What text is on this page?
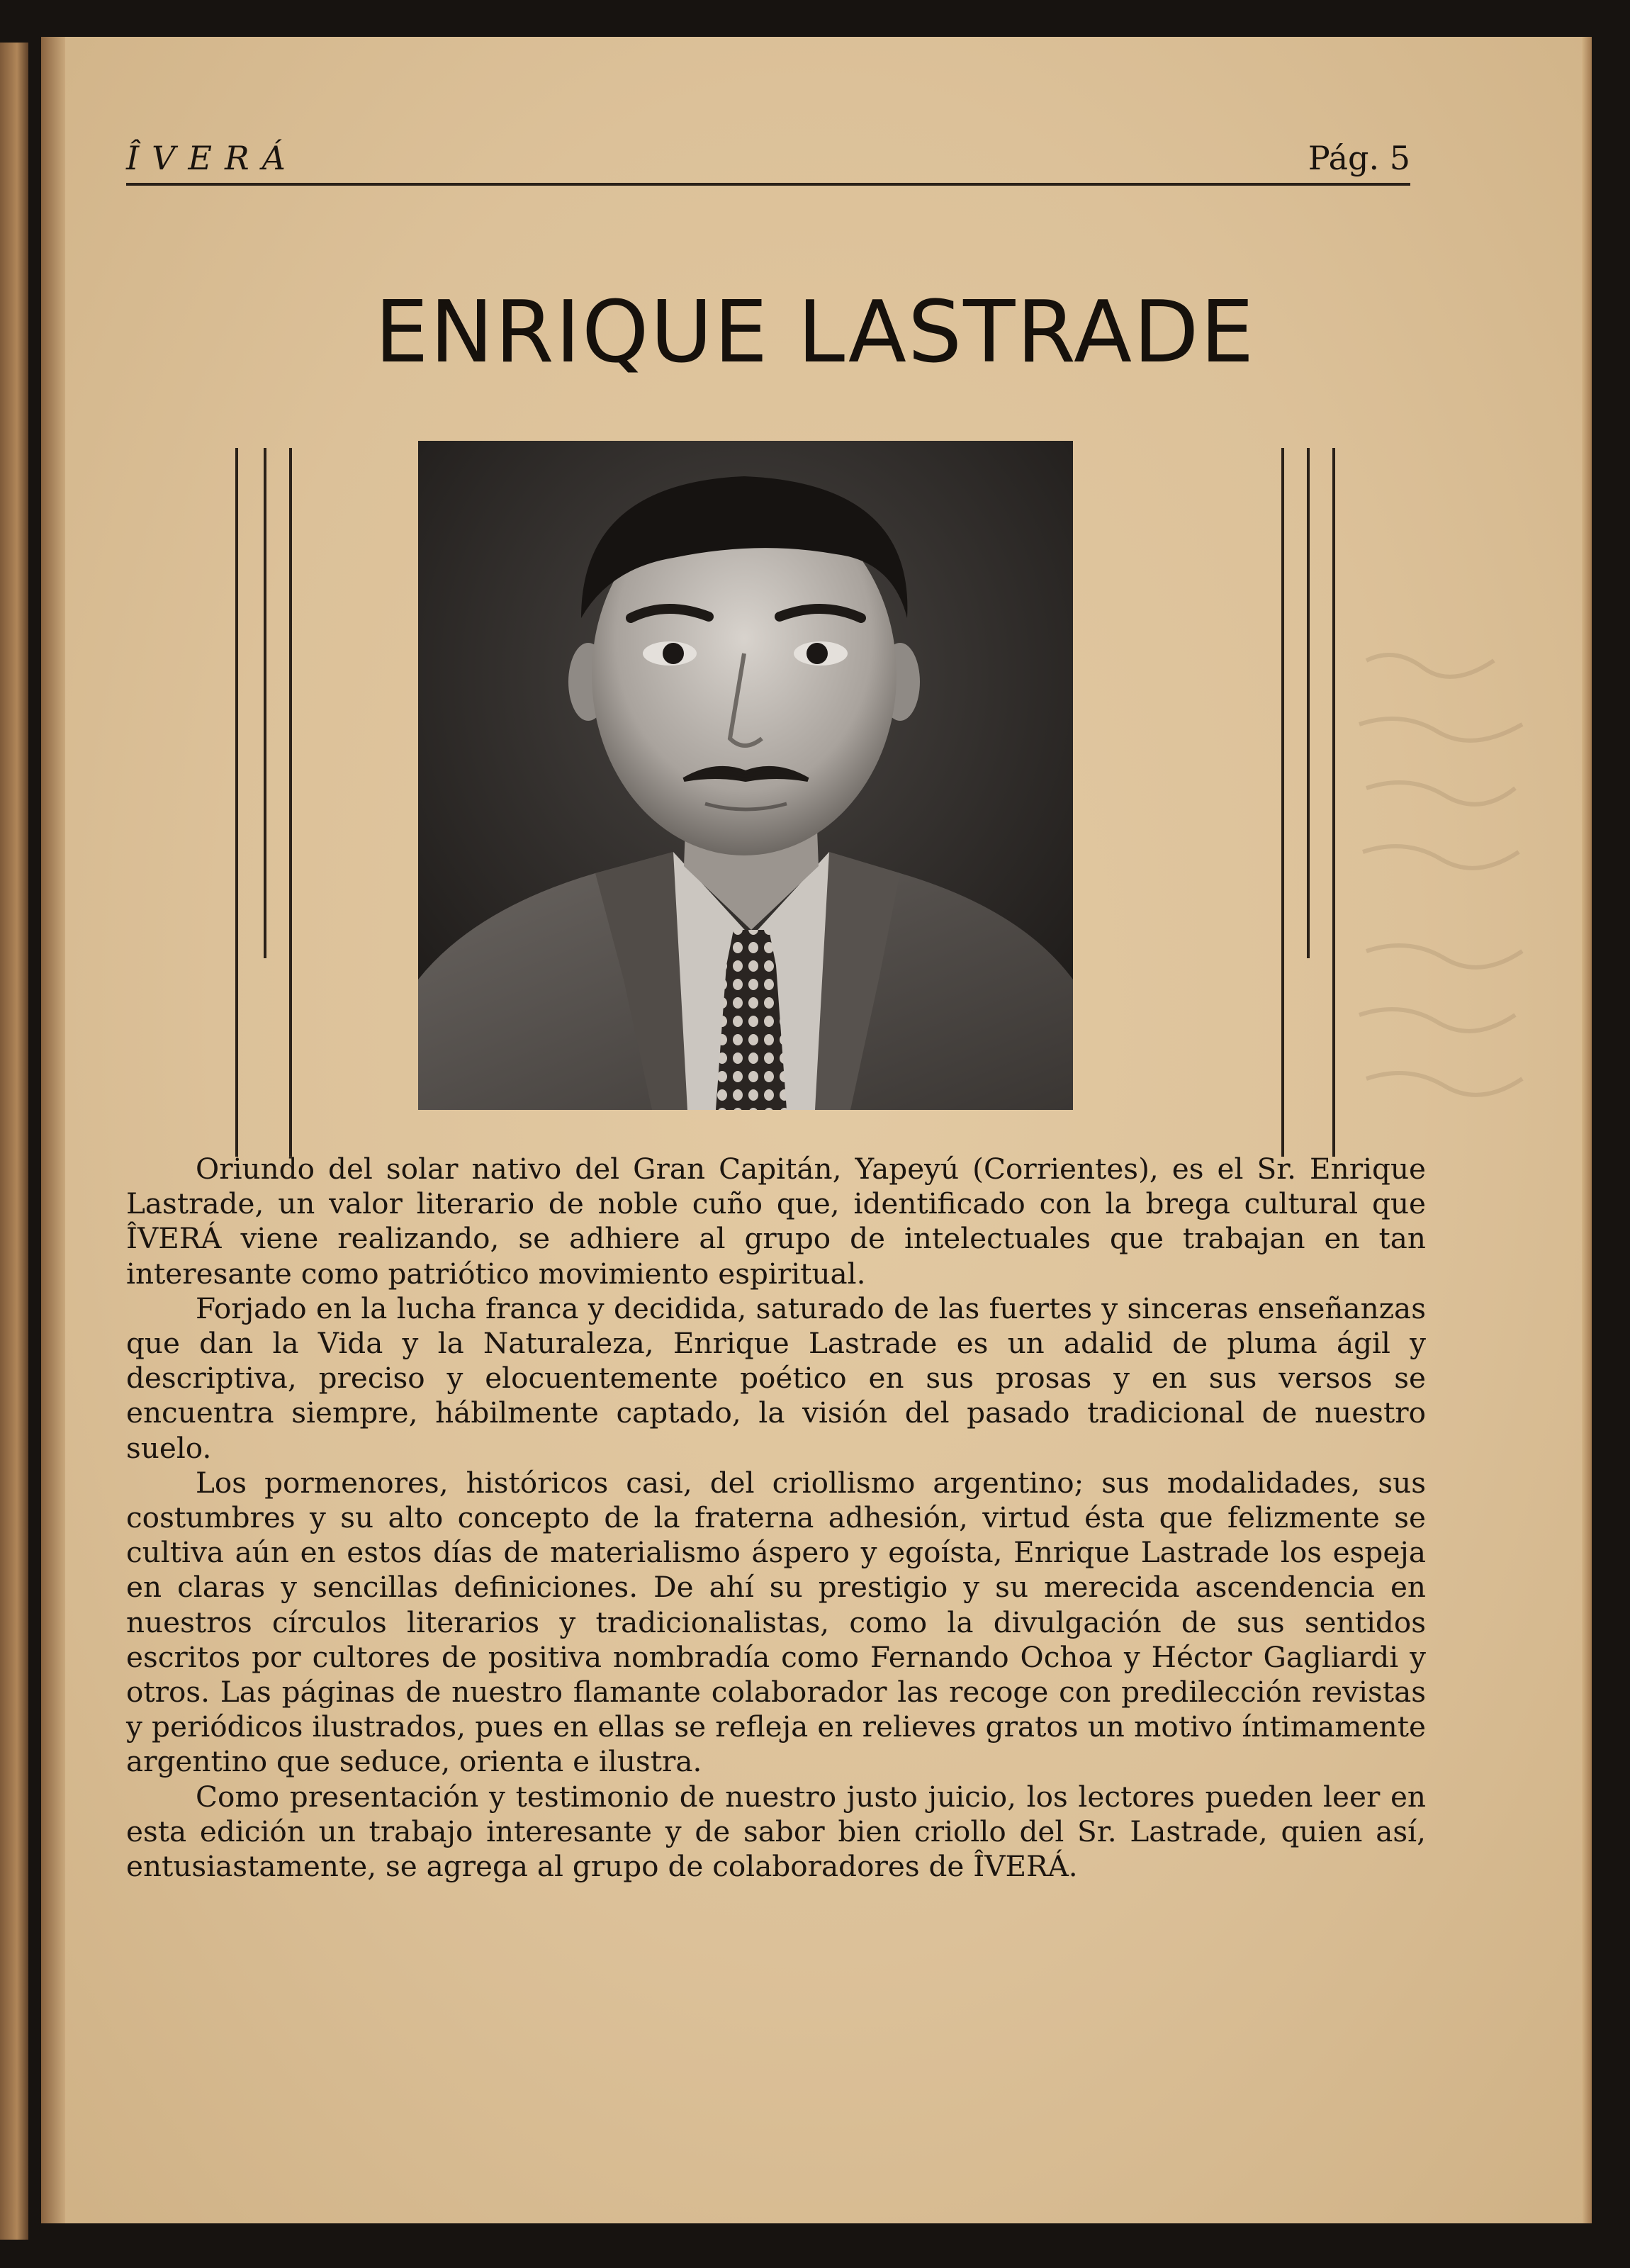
ÎVERÁ	Pág. 5
ENRIQUE LASTRADE

Oriundo del solar nativo del Gran Capitán, Yapeyú (Corrientes), es el Sr. Enrique Lastrade, un valor literario de noble cuño que, identificado con la brega cultural que ÎVERÁ viene realizando, se adhiere al grupo de intelectuales que trabajan en tan interesante como patriótico movimiento espiritual.

Forjado en la lucha franca y decidida, saturado de las fuertes y sinceras enseñanzas que dan la Vida y la Naturaleza, Enrique Lastrade es un adalid de pluma ágil y descriptiva, preciso y elocuentemente poético en sus prosas y en sus versos se encuentra siempre, hábilmente captado, la visión del pasado tradicional de nuestro suelo.

Los pormenores, históricos casi, del criollismo argentino; sus modalidades, sus costumbres y su alto concepto de la fraterna adhesión, virtud ésta que felizmente se cultiva aún en estos días de materialismo áspero y egoísta, Enrique Lastrade los espeja en claras y sencillas definiciones. De ahí su prestigio y su merecida ascendencia en nuestros círculos literarios y tradicionalistas, como la divulgación de sus sentidos escritos por cultores de positiva nombradía como Fernando Ochoa y Héctor Gagliardi y otros. Las páginas de nuestro flamante colaborador las recoge con predilección revistas y periódicos ilustrados, pues en ellas se refleja en relieves gratos un motivo íntimamente argentino que seduce, orienta e ilustra.

Como presentación y testimonio de nuestro justo juicio, los lectores pueden leer en esta edición un trabajo interesante y de sabor bien criollo del Sr. Lastrade, quien así, entusiastamente, se agrega al grupo de colaboradores de ÎVERÁ.
